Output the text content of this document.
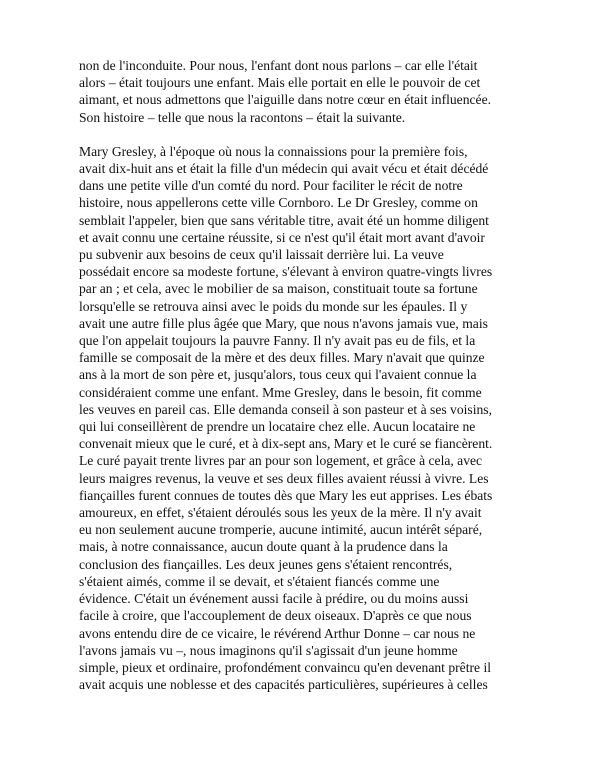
non de l'inconduite. Pour nous, l'enfant dont nous parlons – car elle l'était
alors – était toujours une enfant. Mais elle portait en elle le pouvoir de cet
aimant, et nous admettons que l'aiguille dans notre cœur en était influencée.
Son histoire – telle que nous la racontons – était la suivante.
Mary Gresley, à l'époque où nous la connaissions pour la première fois,
avait dix-huit ans et était la fille d'un médecin qui avait vécu et était décédé
dans une petite ville d'un comté du nord. Pour faciliter le récit de notre
histoire, nous appellerons cette ville Cornboro. Le Dr Gresley, comme on
semblait l'appeler, bien que sans véritable titre, avait été un homme diligent
et avait connu une certaine réussite, si ce n'est qu'il était mort avant d'avoir
pu subvenir aux besoins de ceux qu'il laissait derrière lui. La veuve
possédait encore sa modeste fortune, s'élevant à environ quatre-vingts livres
par an ; et cela, avec le mobilier de sa maison, constituait toute sa fortune
lorsqu'elle se retrouva ainsi avec le poids du monde sur les épaules. Il y
avait une autre fille plus âgée que Mary, que nous n'avons jamais vue, mais
que l'on appelait toujours la pauvre Fanny. Il n'y avait pas eu de fils, et la
famille se composait de la mère et des deux filles. Mary n'avait que quinze
ans à la mort de son père et, jusqu'alors, tous ceux qui l'avaient connue la
considéraient comme une enfant. Mme Gresley, dans le besoin, fit comme
les veuves en pareil cas. Elle demanda conseil à son pasteur et à ses voisins,
qui lui conseillèrent de prendre un locataire chez elle. Aucun locataire ne
convenait mieux que le curé, et à dix-sept ans, Mary et le curé se fiancèrent.
Le curé payait trente livres par an pour son logement, et grâce à cela, avec
leurs maigres revenus, la veuve et ses deux filles avaient réussi à vivre. Les
fiançailles furent connues de toutes dès que Mary les eut apprises. Les ébats
amoureux, en effet, s'étaient déroulés sous les yeux de la mère. Il n'y avait
eu non seulement aucune tromperie, aucune intimité, aucun intérêt séparé,
mais, à notre connaissance, aucun doute quant à la prudence dans la
conclusion des fiançailles. Les deux jeunes gens s'étaient rencontrés,
s'étaient aimés, comme il se devait, et s'étaient fiancés comme une
évidence. C'était un événement aussi facile à prédire, ou du moins aussi
facile à croire, que l'accouplement de deux oiseaux. D'après ce que nous
avons entendu dire de ce vicaire, le révérend Arthur Donne – car nous ne
l'avons jamais vu –, nous imaginons qu'il s'agissait d'un jeune homme
simple, pieux et ordinaire, profondément convaincu qu'en devenant prêtre il
avait acquis une noblesse et des capacités particulières, supérieures à celles
